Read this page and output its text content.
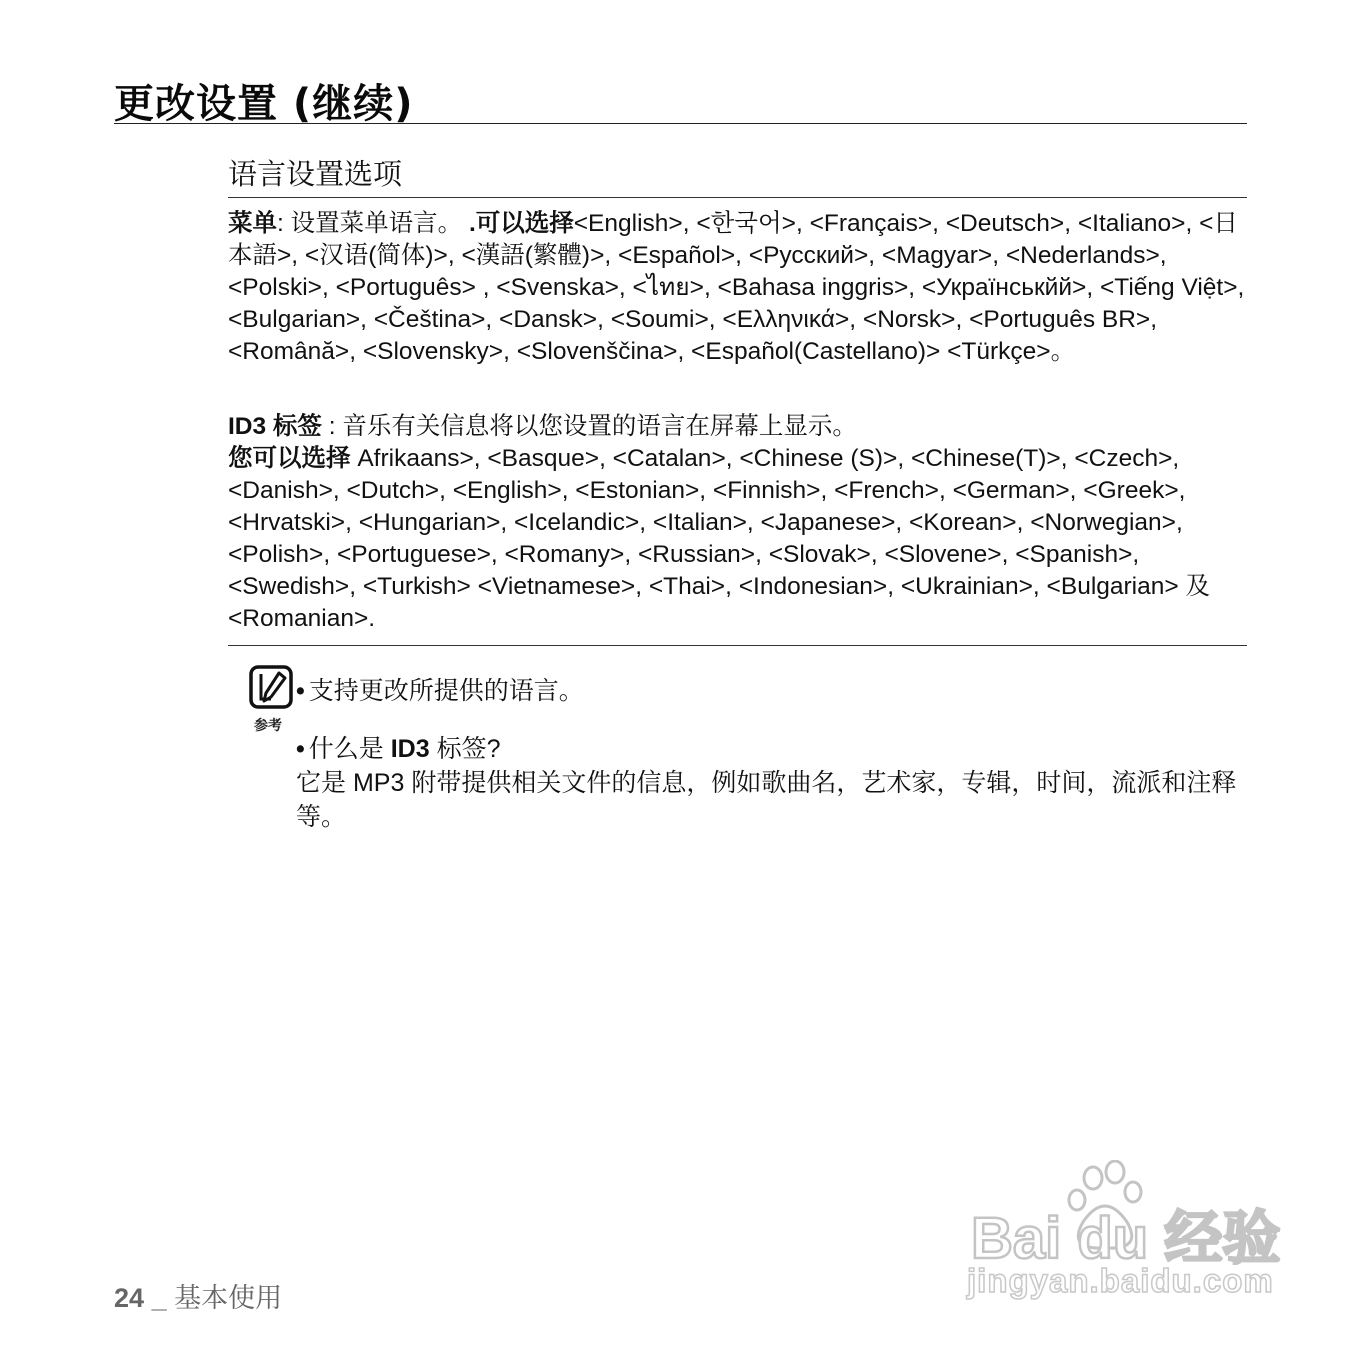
更改设置 (继续)
语言设置选项
菜单: 设置菜单语言。 .可以选择<English>, <한국어>, <Français>, <Deutsch>, <Italiano>, <日本語>, <汉语(简体)>, <漢語(繁體)>, <Español>, <Русский>, <Magyar>, <Nederlands>, <Polski>, <Português> , <Svenska>, <ไทย>, <Bahasa inggris>, <Українськйй>, <Tiếng Việt>, <Bulgarian>, <Čeština>, <Dansk>, <Soumi>, <Ελληνικά>, <Norsk>, <Português BR>, <Română>, <Slovensky>, <Slovenščina>, <Español(Castellano)> <Türkçe>。
ID3 标签 : 音乐有关信息将以您设置的语言在屏幕上显示。
您可以选择 Afrikaans>, <Basque>, <Catalan>, <Chinese (S)>, <Chinese(T)>, <Czech>, <Danish>, <Dutch>, <English>, <Estonian>, <Finnish>, <French>, <German>, <Greek>, <Hrvatski>, <Hungarian>, <Icelandic>, <Italian>, <Japanese>, <Korean>, <Norwegian>, <Polish>, <Portuguese>, <Romany>, <Russian>, <Slovak>, <Slovene>, <Spanish>, <Swedish>, <Turkish> <Vietnamese>, <Thai>, <Indonesian>, <Ukrainian>, <Bulgarian> 及<Romanian>.
参考
• 支持更改所提供的语言。
• 什么是 ID3 标签?
它是 MP3 附带提供相关文件的信息，例如歌曲名，艺术家，专辑，时间，流派和注释等。
24 _ 基本使用
Bai du 经验
jingyan.baidu.com
